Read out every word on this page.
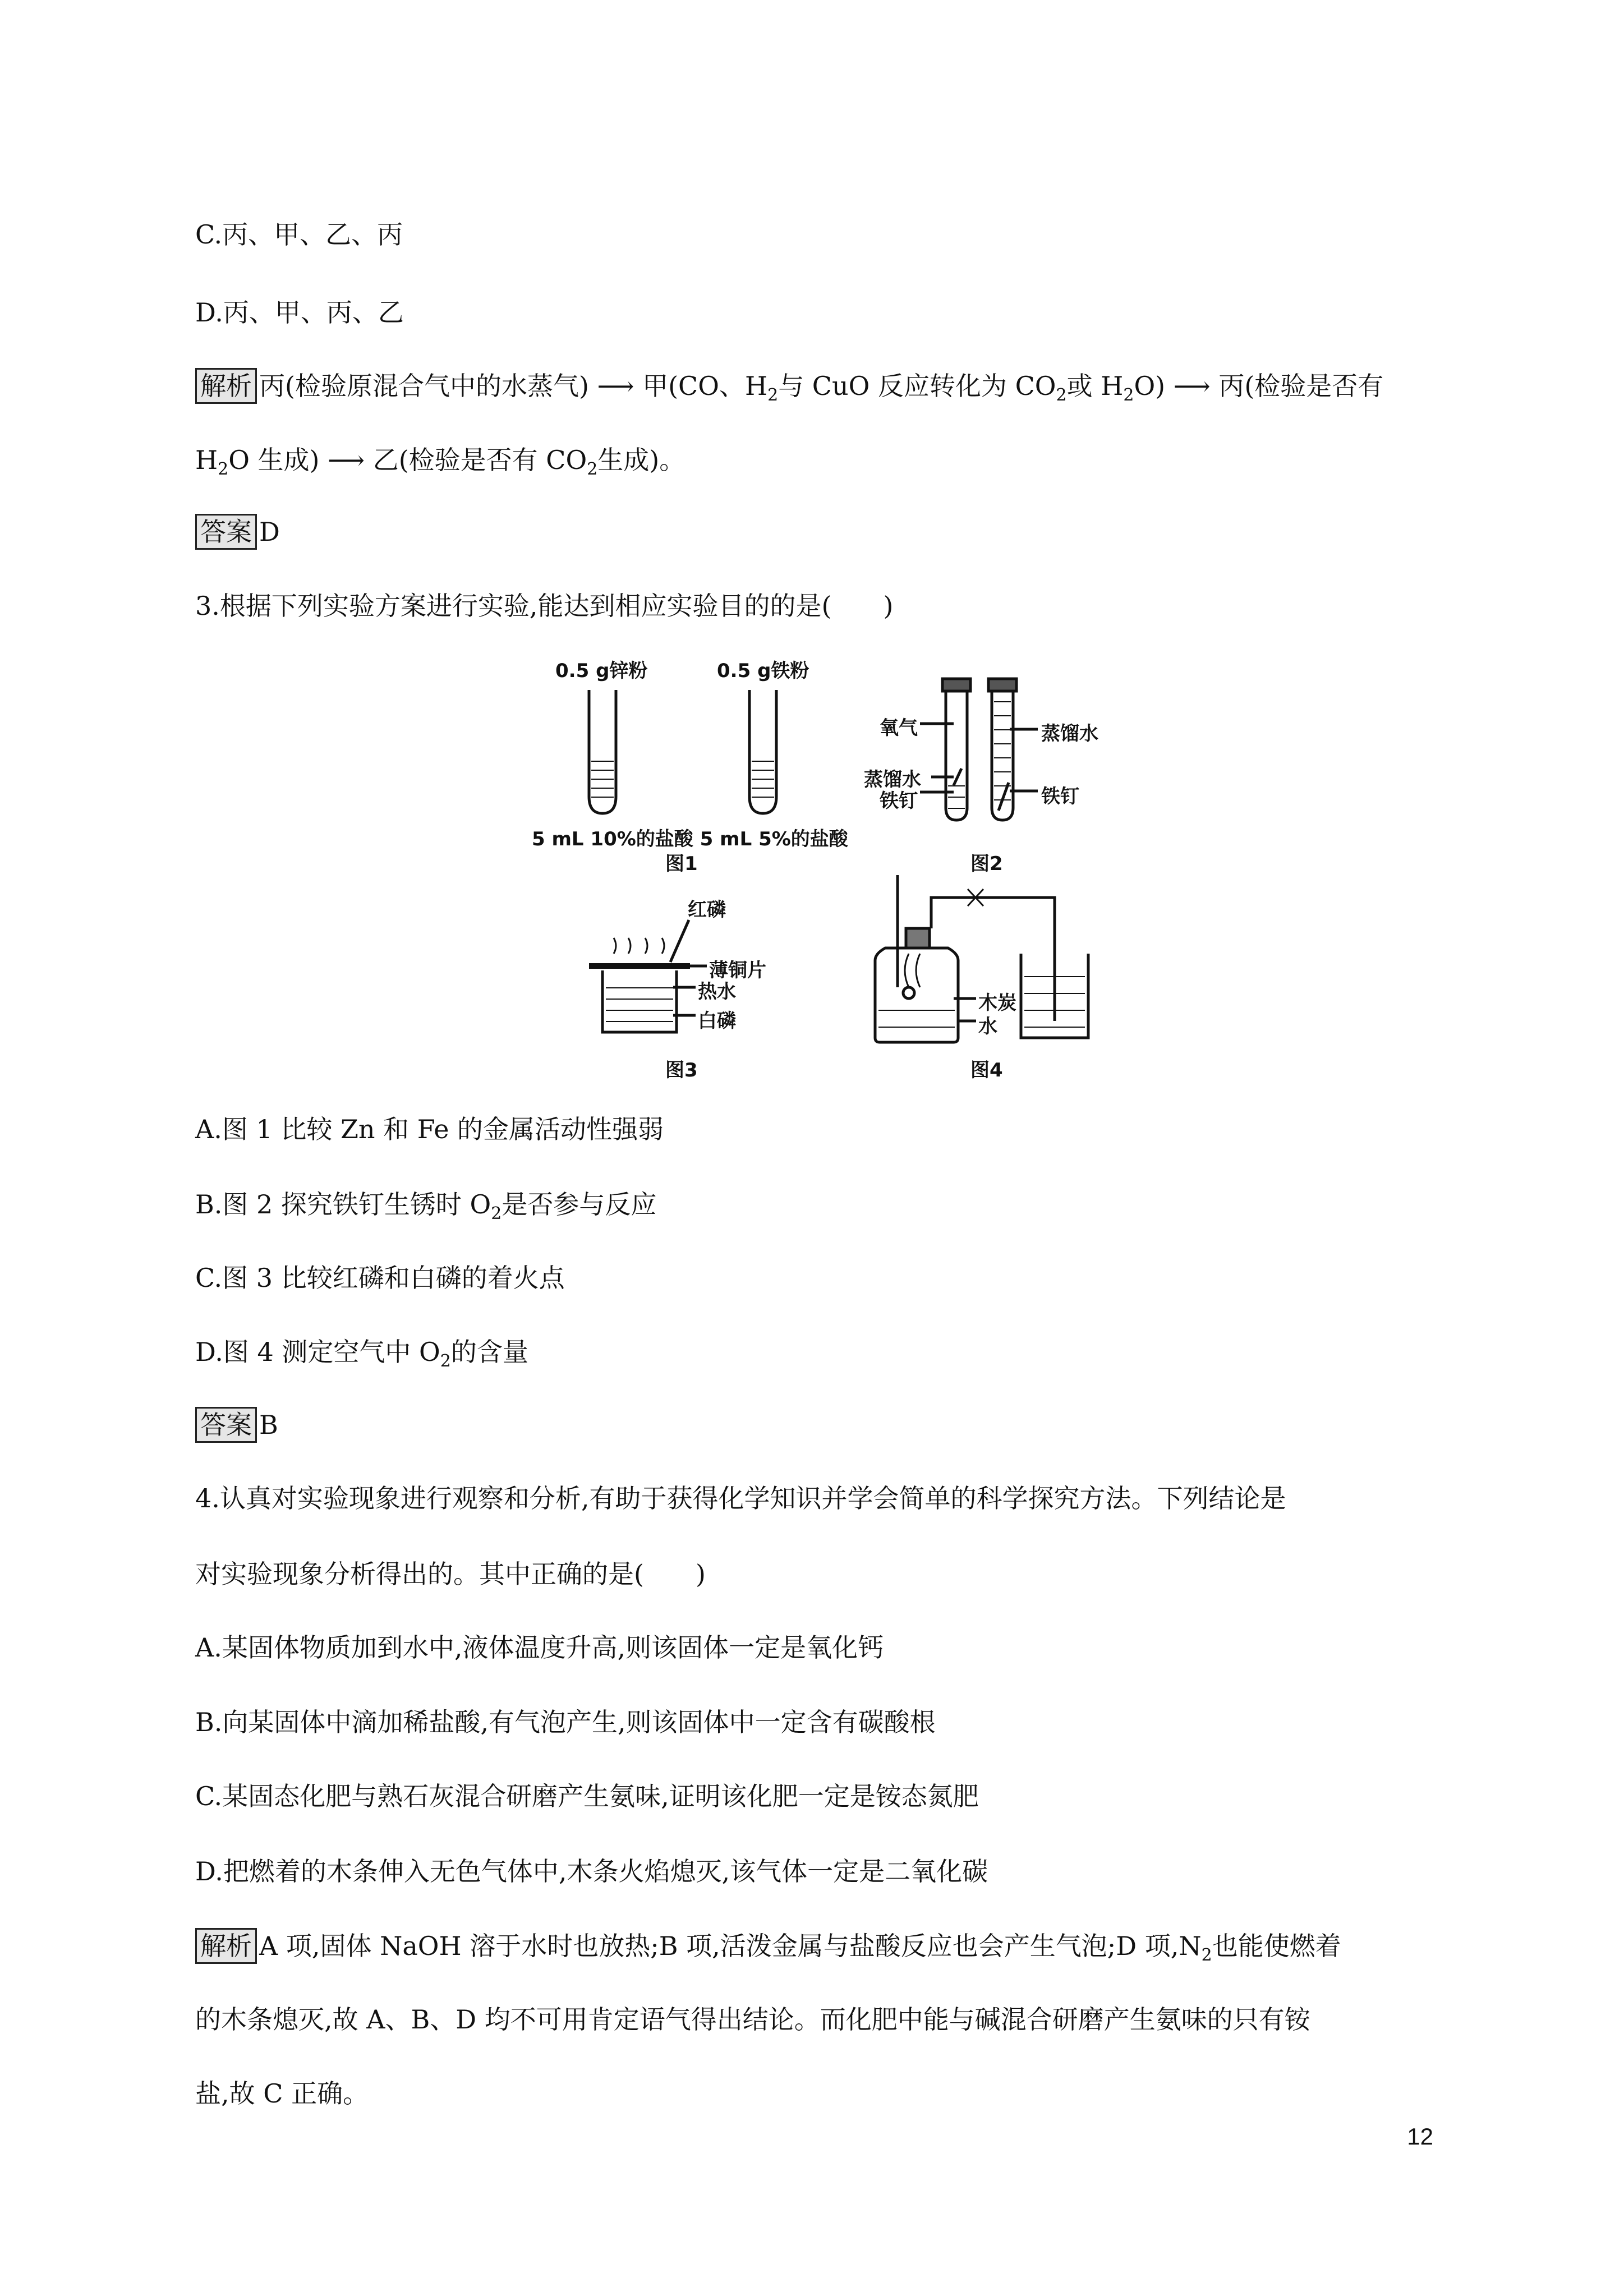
C.丙、甲、乙、丙
D.丙、甲、丙、乙
解析 丙(检验原混合气中的水蒸气) ⟶ 甲(CO、$H_2$与 CuO 反应转化为 $CO_2$或 $H_2O$) ⟶ 丙(检验是否有
$H_2O$ 生成) ⟶ 乙(检验是否有 $CO_2$生成)。
答案 D
3.根据下列实验方案进行实验,能达到相应实验目的的是(　　)
0.5 g锌粉	0.5 g铁粉
5 mL 10%的盐酸 5 mL 5%的盐酸
图1
氧气
蒸馏水
铁钉
蒸馏水
铁钉
图2
红磷
薄铜片
热水
白磷
图3
木炭
水
图4
A.图 1 比较 Zn 和 Fe 的金属活动性强弱
B.图 2 探究铁钉生锈时 $O_2$是否参与反应
C.图 3 比较红磷和白磷的着火点
D.图 4 测定空气中 $O_2$的含量
答案 B
4.认真对实验现象进行观察和分析,有助于获得化学知识并学会简单的科学探究方法。下列结论是
对实验现象分析得出的。其中正确的是(　　)
A.某固体物质加到水中,液体温度升高,则该固体一定是氧化钙
B.向某固体中滴加稀盐酸,有气泡产生,则该固体中一定含有碳酸根
C.某固态化肥与熟石灰混合研磨产生氨味,证明该化肥一定是铵态氮肥
D.把燃着的木条伸入无色气体中,木条火焰熄灭,该气体一定是二氧化碳
解析 A 项,固体 NaOH 溶于水时也放热;B 项,活泼金属与盐酸反应也会产生气泡;D 项$,N_2$也能使燃着
的木条熄灭,故 A、B、D 均不可用肯定语气得出结论。而化肥中能与碱混合研磨产生氨味的只有铵
盐,故 C 正确。
12
